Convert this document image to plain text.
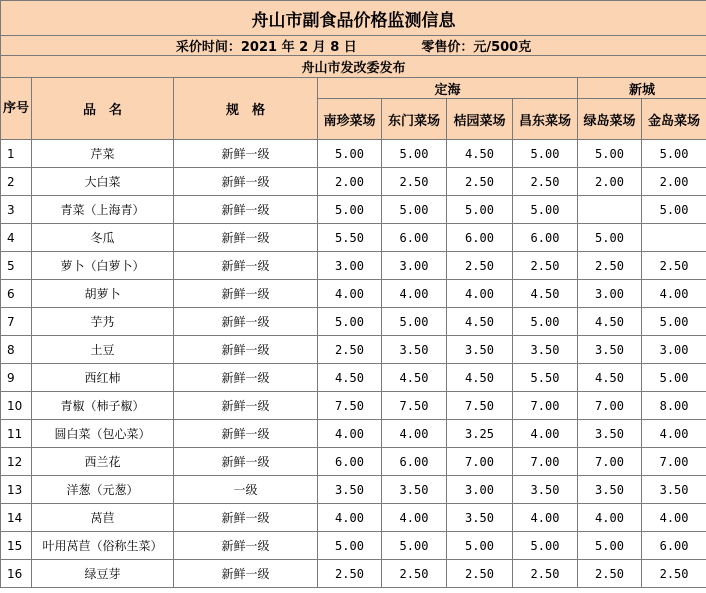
舟山市副食品价格监测信息								
采价时间：2021 年 2 月 8 日 零售价：元/500克								
舟山市发改委发布								
序号	品　名	规　格	定海				新城	
			南珍菜场	东门菜场	桔园菜场	昌东菜场	绿岛菜场	金岛菜场
1	芹菜	新鲜一级	5.00	5.00	4.50	5.00	5.00	5.00
2	大白菜	新鲜一级	2.00	2.50	2.50	2.50	2.00	2.00
3	青菜（上海青）	新鲜一级	5.00	5.00	5.00	5.00		5.00
4	冬瓜	新鲜一级	5.50	6.00	6.00	6.00	5.00	
5	萝卜（白萝卜）	新鲜一级	3.00	3.00	2.50	2.50	2.50	2.50
6	胡萝卜	新鲜一级	4.00	4.00	4.00	4.50	3.00	4.00
7	芋艿	新鲜一级	5.00	5.00	4.50	5.00	4.50	5.00
8	土豆	新鲜一级	2.50	3.50	3.50	3.50	3.50	3.00
9	西红柿	新鲜一级	4.50	4.50	4.50	5.50	4.50	5.00
10	青椒（柿子椒）	新鲜一级	7.50	7.50	7.50	7.00	7.00	8.00
11	圆白菜（包心菜）	新鲜一级	4.00	4.00	3.25	4.00	3.50	4.00
12	西兰花	新鲜一级	6.00	6.00	7.00	7.00	7.00	7.00
13	洋葱（元葱）	一级	3.50	3.50	3.00	3.50	3.50	3.50
14	莴苣	新鲜一级	4.00	4.00	3.50	4.00	4.00	4.00
15	叶用莴苣（俗称生菜）	新鲜一级	5.00	5.00	5.00	5.00	5.00	6.00
16	绿豆芽	新鲜一级	2.50	2.50	2.50	2.50	2.50	2.50
